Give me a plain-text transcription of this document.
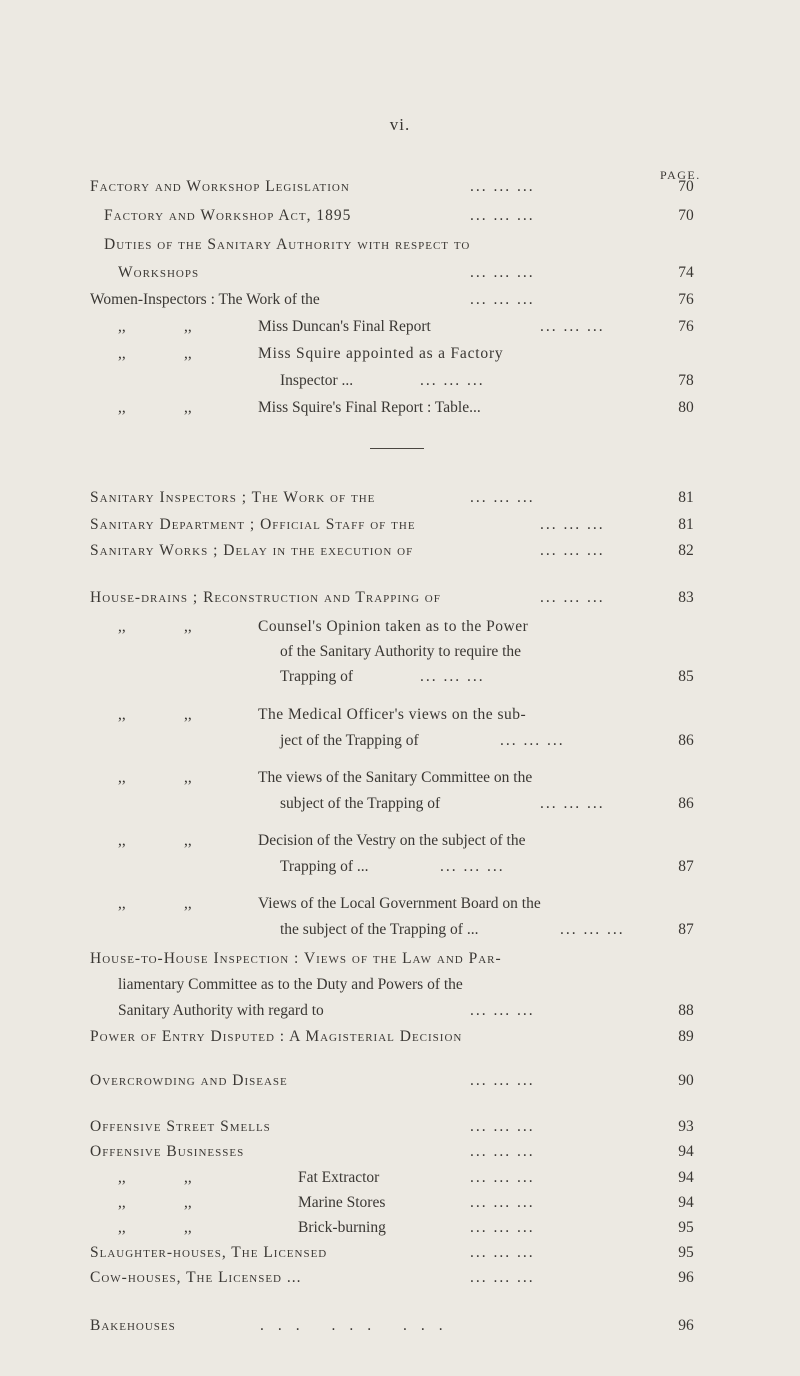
vi.
PAGE.
Factory and Workshop Legislation	... ... ...	70
Factory and Workshop Act, 1895	... ... ...	70
Duties of the Sanitary Authority with respect to
Workshops	... ... ...	74
Women-Inspectors : The Work of the	... ... ...	76
,,	,,	Miss Duncan's Final Report	... ... ...	76
,,	,,	Miss Squire appointed as a Factory
Inspector ...	... ... ...	78
,,	,,	Miss Squire's Final Report : Table...	80
Sanitary Inspectors ; The Work of the	... ... ...	81
Sanitary Department ; Official Staff of the	... ... ...	81
Sanitary Works ; Delay in the execution of	... ... ...	82
House-drains ; Reconstruction and Trapping of	... ... ...	83
,,	,,	Counsel's Opinion taken as to the Power
of the Sanitary Authority to require the
Trapping of	... ... ...	85
,,	,,	The Medical Officer's views on the sub-
ject of the Trapping of	... ... ...	86
,,	,,	The views of the Sanitary Committee on the
subject of the Trapping of	... ... ...	86
,,	,,	Decision of the Vestry on the subject of the
Trapping of ...	... ... ...	87
,,	,,	Views of the Local Government Board on the
the subject of the Trapping of ...	... ... ...	87
House-to-House Inspection : Views of the Law and Par-
liamentary Committee as to the Duty and Powers of the
Sanitary Authority with regard to	... ... ...	88
Power of Entry Disputed : A Magisterial Decision	89
Overcrowding and Disease	... ... ...	90
Offensive Street Smells	... ... ...	93
Offensive Businesses	... ... ...	94
,,	,,	Fat Extractor	... ... ...	94
,,	,,	Marine Stores	... ... ...	94
,,	,,	Brick-burning	... ... ...	95
Slaughter-houses, The Licensed	... ... ...	95
Cow-houses, The Licensed ...	... ... ...	96
Bakehouses	... ... ...	96
